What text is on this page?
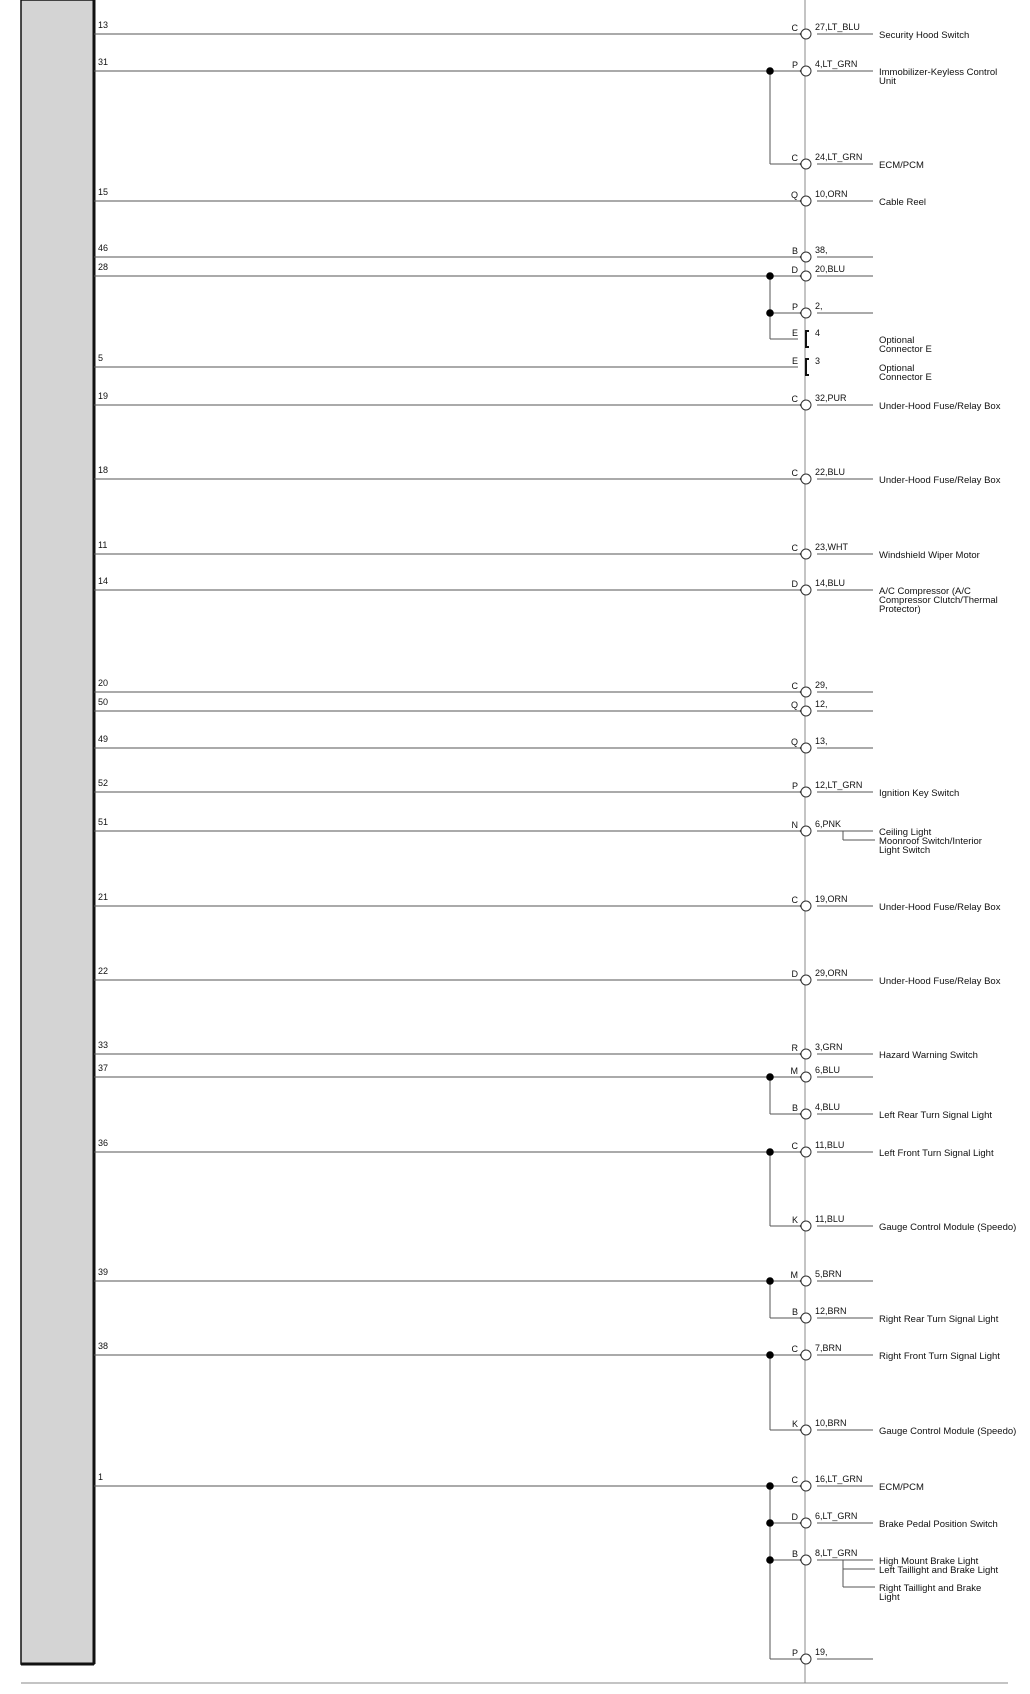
13	C 27,LT_BLU
Security Hood Switch
31	P 4,LT_GRN
Immobilizer-Keyless Control
Unit
C 24,LT_GRN
ECM/PCM
15	Q 10,ORN
Cable Reel
46	B 38,
28	D 20,BLU
P 2,
E 4
Optional
Connector E
5	E 3
Optional
Connector E
19	C 32,PUR
Under-Hood Fuse/Relay Box
18	C 22,BLU
Under-Hood Fuse/Relay Box
11	C 23,WHT
Windshield Wiper Motor
14	D 14,BLU
A/C Compressor (A/C
Compressor Clutch/Thermal
Protector)
20	C 29,
50	Q 12,
49	Q 13,
52	P 12,LT_GRN
Ignition Key Switch
51	N 6,PNK
Ceiling Light
Moonroof Switch/Interior
Light Switch
21	C 19,ORN
Under-Hood Fuse/Relay Box
22	D 29,ORN
Under-Hood Fuse/Relay Box
33	R 3,GRN
Hazard Warning Switch
37	M 6,BLU
B 4,BLU
Left Rear Turn Signal Light
36	C 11,BLU
Left Front Turn Signal Light
K 11,BLU
Gauge Control Module (Speedo)
39	M 5,BRN
B 12,BRN
Right Rear Turn Signal Light
38	C 7,BRN
Right Front Turn Signal Light
K 10,BRN
Gauge Control Module (Speedo)
1	C 16,LT_GRN
ECM/PCM
D 6,LT_GRN
Brake Pedal Position Switch
B 8,LT_GRN
High Mount Brake Light
Left Taillight and Brake Light
Right Taillight and Brake
Light
P 19,
